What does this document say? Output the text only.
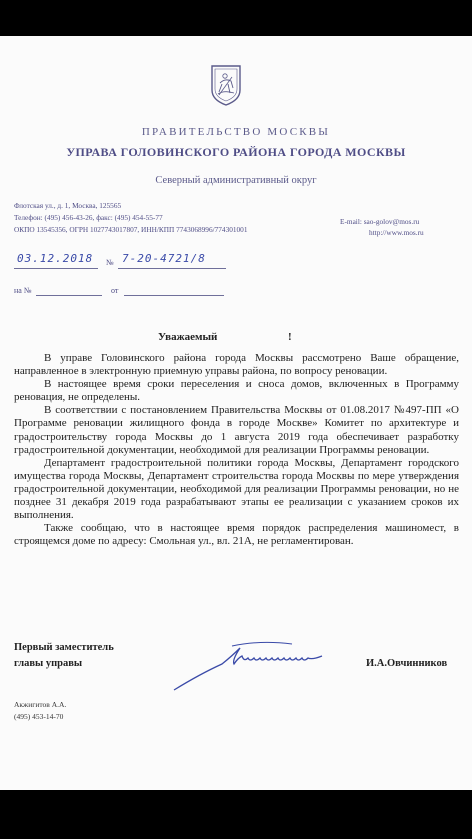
ПРАВИТЕЛЬСТВО МОСКВЫ
УПРАВА ГОЛОВИНСКОГО РАЙОНА ГОРОДА МОСКВЫ
Северный административный округ
Флотская ул., д. 1, Москва, 125565
Телефон: (495) 456-43-26, факс: (495) 454-55-77
ОКПО 13545356, ОГРН 1027743017807, ИНН/КПП 7743068996/774301001
E-mail: sao-golov@mos.ru
http://www.mos.ru
03.12.2018 № 7-20-4721/8
на №	от
Уважаемый	!

В управе Головинского района города Москвы рассмотрено Ваше обращение, направленное в электронную приемную управы района, по вопросу реновации.

В настоящее время сроки переселения и сноса домов, включенных в Программу реновация, не определены.

В соответствии с постановлением Правительства Москвы от 01.08.2017 №497-ПП «О Программе реновации жилищного фонда в городе Москве» Комитет по архитектуре и градостроительству города Москвы до 1 августа 2019 года обеспечивает разработку градостроительной документации, необходимой для реализации Программы реновации.

Департамент градостроительной политики города Москвы, Департамент городского имущества города Москвы, Департамент строительства города Москвы по мере утверждения градостроительной документации, необходимой для реализации Программы реновации, но не позднее 31 декабря 2019 года разрабатывают этапы ее реализации с указанием сроков их выполнения.

Также сообщаю, что в настоящее время порядок распределения машиномест, в строящемся доме по адресу: Смольная ул., вл. 21А, не регламентирован.

Первый заместитель
главы управы	И.А.Овчинников
Акжигитов А.А.
(495) 453-14-70
